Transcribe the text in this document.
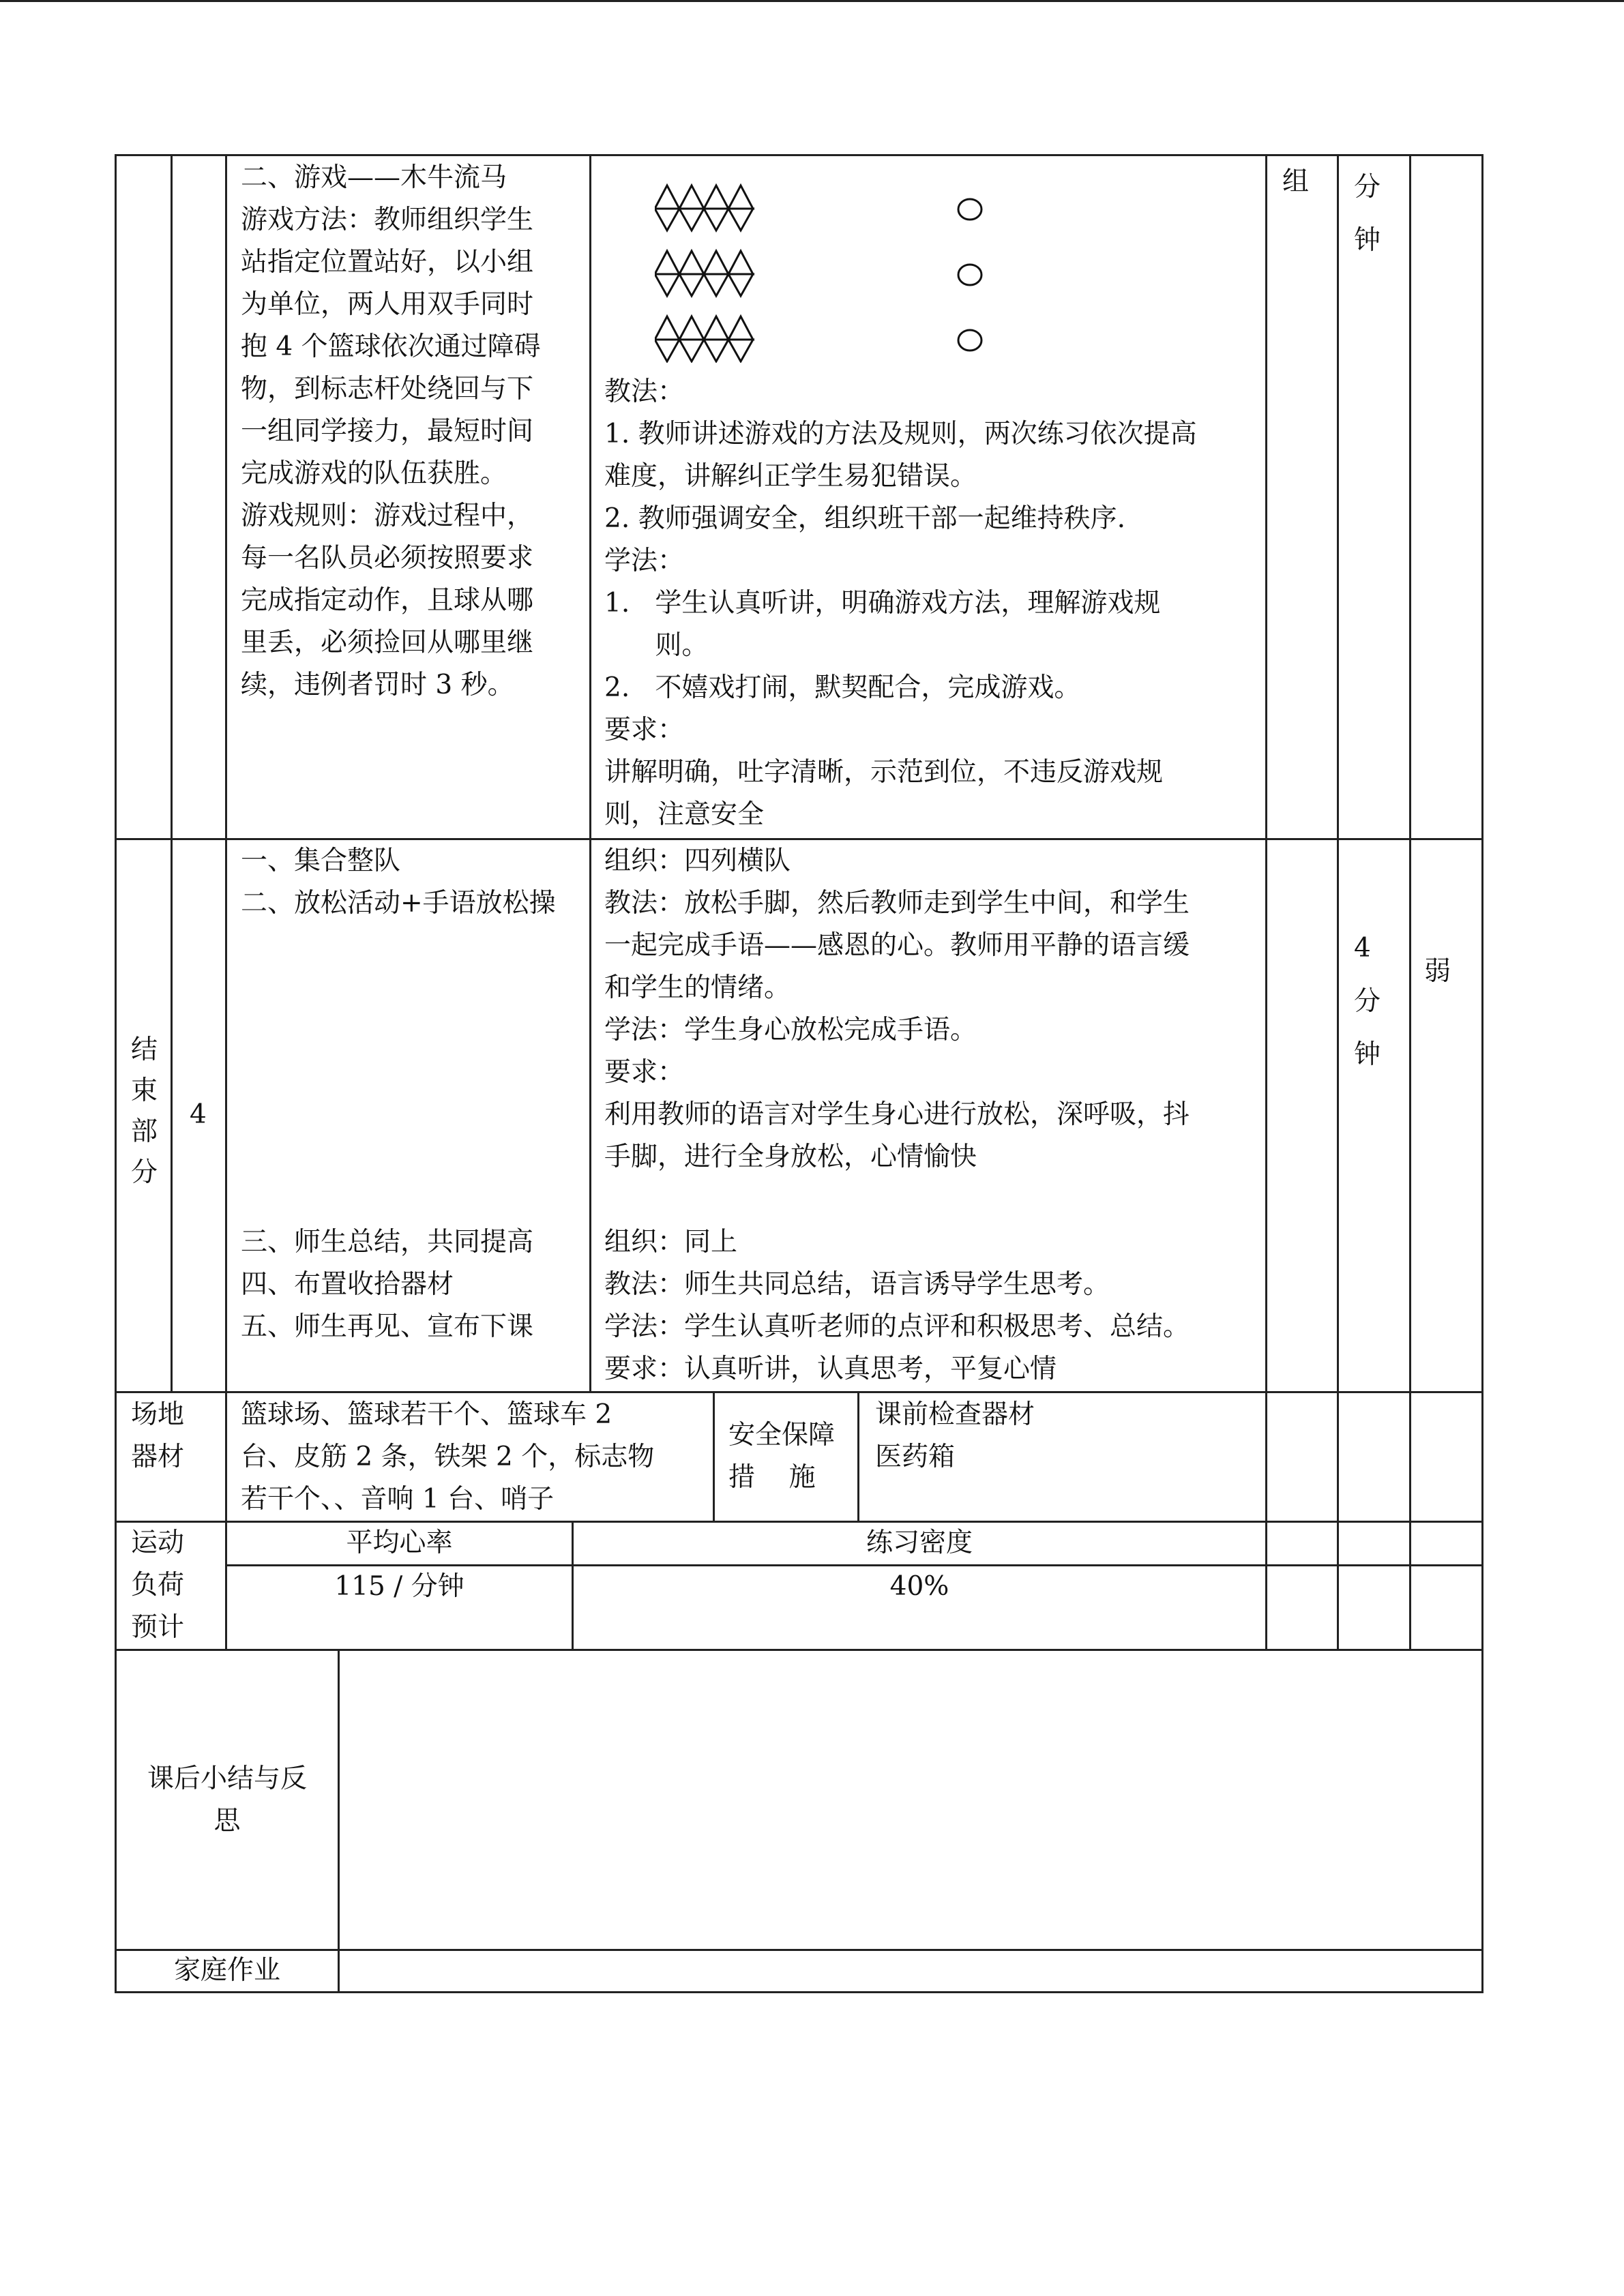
二、游戏——木牛流马
游戏方法：教师组织学生
站指定位置站好，以小组
为单位，两人用双手同时
抱 4 个篮球依次通过障碍
物，到标志杆处绕回与下
一组同学接力，最短时间
完成游戏的队伍获胜。
游戏规则：游戏过程中，
每一名队员必须按照要求
完成指定动作，且球从哪
里丢，必须捡回从哪里继
续，违例者罚时 3 秒。
教法：
1. 教师讲述游戏的方法及规则，两次练习依次提高
难度，讲解纠正学生易犯错误。
2. 教师强调安全，组织班干部一起维持秩序.
学法：
1.   学生认真听讲，明确游戏方法，理解游戏规
则。
2.   不嬉戏打闹，默契配合，完成游戏。
要求：
讲解明确，吐字清晰，示范到位，不违反游戏规
则，注意安全
组 分
钟
结
束
部
分
4
一、集合整队
二、放松活动+手语放松操
组织：四列横队
教法：放松手脚，然后教师走到学生中间，和学生
一起完成手语——感恩的心。教师用平静的语言缓
和学生的情绪。
学法：学生身心放松完成手语。
要求：
利用教师的语言对学生身心进行放松，深呼吸，抖
手脚，进行全身放松，心情愉快
三、师生总结，共同提高
四、布置收拾器材
五、师生再见、宣布下课
组织：同上
教法：师生共同总结，语言诱导学生思考。
学法：学生认真听老师的点评和积极思考、总结。
要求：认真听讲，认真思考，平复心情
4
分
钟
弱
场地
器材
篮球场、篮球若干个、篮球车 2
台、皮筋 2 条，铁架 2 个，标志物
若干个、、音响 1 台、哨子
安全保障
措    施
课前检查器材
医药箱
运动
负荷
预计
平均心率	练习密度
115 / 分钟	40%
课后小结与反
思
家庭作业
